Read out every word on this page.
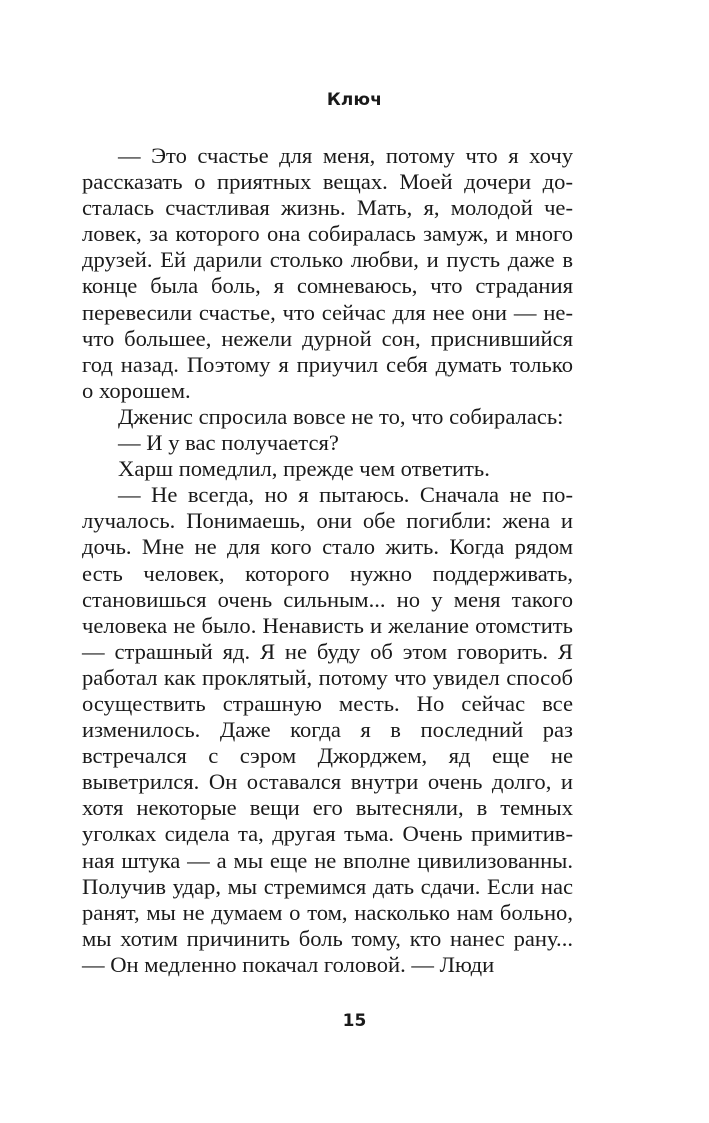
Ключ

— Это счастье для меня, потому что я хочу рассказать о приятных вещах. Моей дочери досталась счастливая жизнь. Мать, я, молодой человек, за которого она собиралась замуж, и много друзей. Ей дарили столько любви, и пусть даже в конце была боль, я сомневаюсь, что страдания перевесили счастье, что сейчас для нее они — нечто большее, нежели дурной сон, приснившийся год назад. Поэтому я приучил себя думать только о хорошем.

Дженис спросила вовсе не то, что собиралась:

— И у вас получается?

Харш помедлил, прежде чем ответить.

— Не всегда, но я пытаюсь. Сначала не получалось. Понимаешь, они обе погибли: жена и дочь. Мне не для кого стало жить. Когда рядом есть человек, которого нужно поддерживать, становишься очень сильным... но у меня такого человека не было. Ненависть и желание отомстить — страшный яд. Я не буду об этом говорить. Я работал как проклятый, потому что увидел способ осуществить страшную месть. Но сейчас все изменилось. Даже когда я в последний раз встречался с сэром Джорджем, яд еще не выветрился. Он оставался внутри очень долго, и хотя некоторые вещи его вытесняли, в темных уголках сидела та, другая тьма. Очень примитивная штука — а мы еще не вполне цивилизованны. Получив удар, мы стремимся дать сдачи. Если нас ранят, мы не думаем о том, насколько нам больно, мы хотим причинить боль тому, кто нанес рану... — Он медленно покачал головой. — Люди

15
